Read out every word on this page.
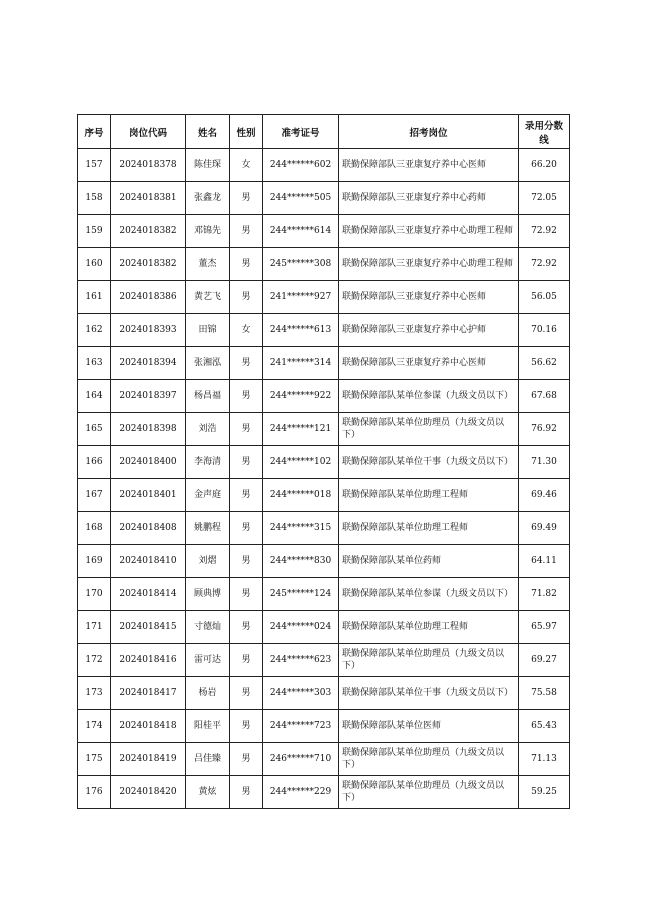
序号	岗位代码	姓名	性别	准考证号	招考岗位	录用分数线
157	2024018378	陈佳琛	女	244******602	联勤保障部队三亚康复疗养中心医师	66.20
158	2024018381	张鑫龙	男	244******505	联勤保障部队三亚康复疗养中心药师	72.05
159	2024018382	邓锦先	男	244******614	联勤保障部队三亚康复疗养中心助理工程师	72.92
160	2024018382	董杰	男	245******308	联勤保障部队三亚康复疗养中心助理工程师	72.92
161	2024018386	黄艺飞	男	241******927	联勤保障部队三亚康复疗养中心医师	56.05
162	2024018393	田锦	女	244******613	联勤保障部队三亚康复疗养中心护师	70.16
163	2024018394	张湘泓	男	241******314	联勤保障部队三亚康复疗养中心医师	56.62
164	2024018397	杨昌福	男	244******922	联勤保障部队某单位参谋（九级文员以下）	67.68
165	2024018398	刘浩	男	244******121	联勤保障部队某单位助理员（九级文员以下）	76.92
166	2024018400	李海清	男	244******102	联勤保障部队某单位干事（九级文员以下）	71.30
167	2024018401	金声庭	男	244******018	联勤保障部队某单位助理工程师	69.46
168	2024018408	姚鹏程	男	244******315	联勤保障部队某单位助理工程师	69.49
169	2024018410	刘熠	男	244******830	联勤保障部队某单位药师	64.11
170	2024018414	顾典博	男	245******124	联勤保障部队某单位参谋（九级文员以下）	71.82
171	2024018415	寸德灿	男	244******024	联勤保障部队某单位助理工程师	65.97
172	2024018416	雷可达	男	244******623	联勤保障部队某单位助理员（九级文员以下）	69.27
173	2024018417	杨岩	男	244******303	联勤保障部队某单位干事（九级文员以下）	75.58
174	2024018418	阳桂平	男	244******723	联勤保障部队某单位医师	65.43
175	2024018419	吕佳臻	男	246******710	联勤保障部队某单位助理员（九级文员以下）	71.13
176	2024018420	黄炫	男	244******229	联勤保障部队某单位助理员（九级文员以下）	59.25
